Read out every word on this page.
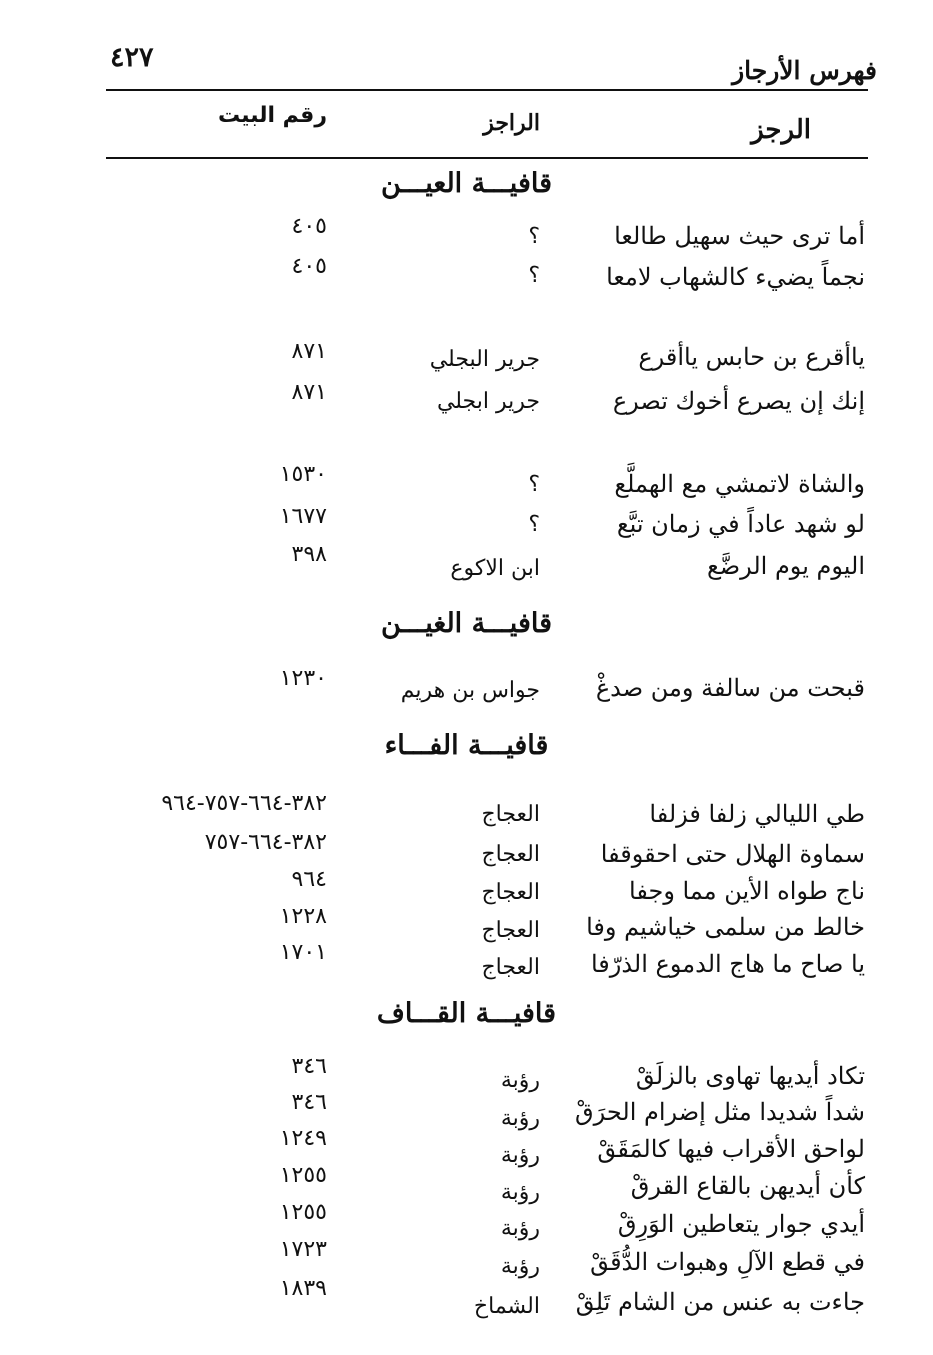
٤٢٧	فهرس الأرجاز
الرجز
الراجز
رقم البيت
قافيـــة العيـــن
أما ترى حيث سهيل طالعا
؟
٤٠٥
نجماً يضيء كالشهاب لامعا
؟
٤٠٥
ياأقرع بن حابس ياأقرع
جرير البجلي
٨٧١
إنك إن يصرع أخوك تصرع
جرير ابجلي
٨٧١
والشاة لاتمشي مع الهملَّع
؟
١٥٣٠
لو شهد عاداً في زمان تبَّع
؟
١٦٧٧
اليوم يوم الرضَّع
ابن الاكوع
٣٩٨
قافيـــة الغيـــن
قبحت من سالفة ومن صدغْ
جواس بن هريم
١٢٣٠
قافيـــة الفـــاء
طي الليالي زلفا فزلفا
العجاج
٣٨٢-٦٦٤-٧٥٧-٩٦٤
سماوة الهلال حتى احقوقفا
العجاج
٣٨٢-٦٦٤-٧٥٧
ناج طواه الأين مما وجفا
العجاج
٩٦٤
خالط من سلمى خياشيم وفا
العجاج
١٢٢٨
يا صاح ما هاج الدموع الذرّفا
العجاج
١٧٠١
قافيـــة القـــاف
تكاد أيديها تهاوى بالزلَقْ
رؤبة
٣٤٦
شداً شديدا مثل إضرام الحرَقْ
رؤبة
٣٤٦
لواحق الأقراب فيها كالمَقَقْ
رؤبة
١٢٤٩
كأن أيديهن بالقاع القرقْ
رؤبة
١٢٥٥
أيدي جوار يتعاطين الوَرِقْ
رؤبة
١٢٥٥
في قطع الآلِ وهبوات الدُّقَقْ
رؤبة
١٧٢٣
جاءت به عنس من الشام تَلِقْ
الشماخ
١٨٣٩
